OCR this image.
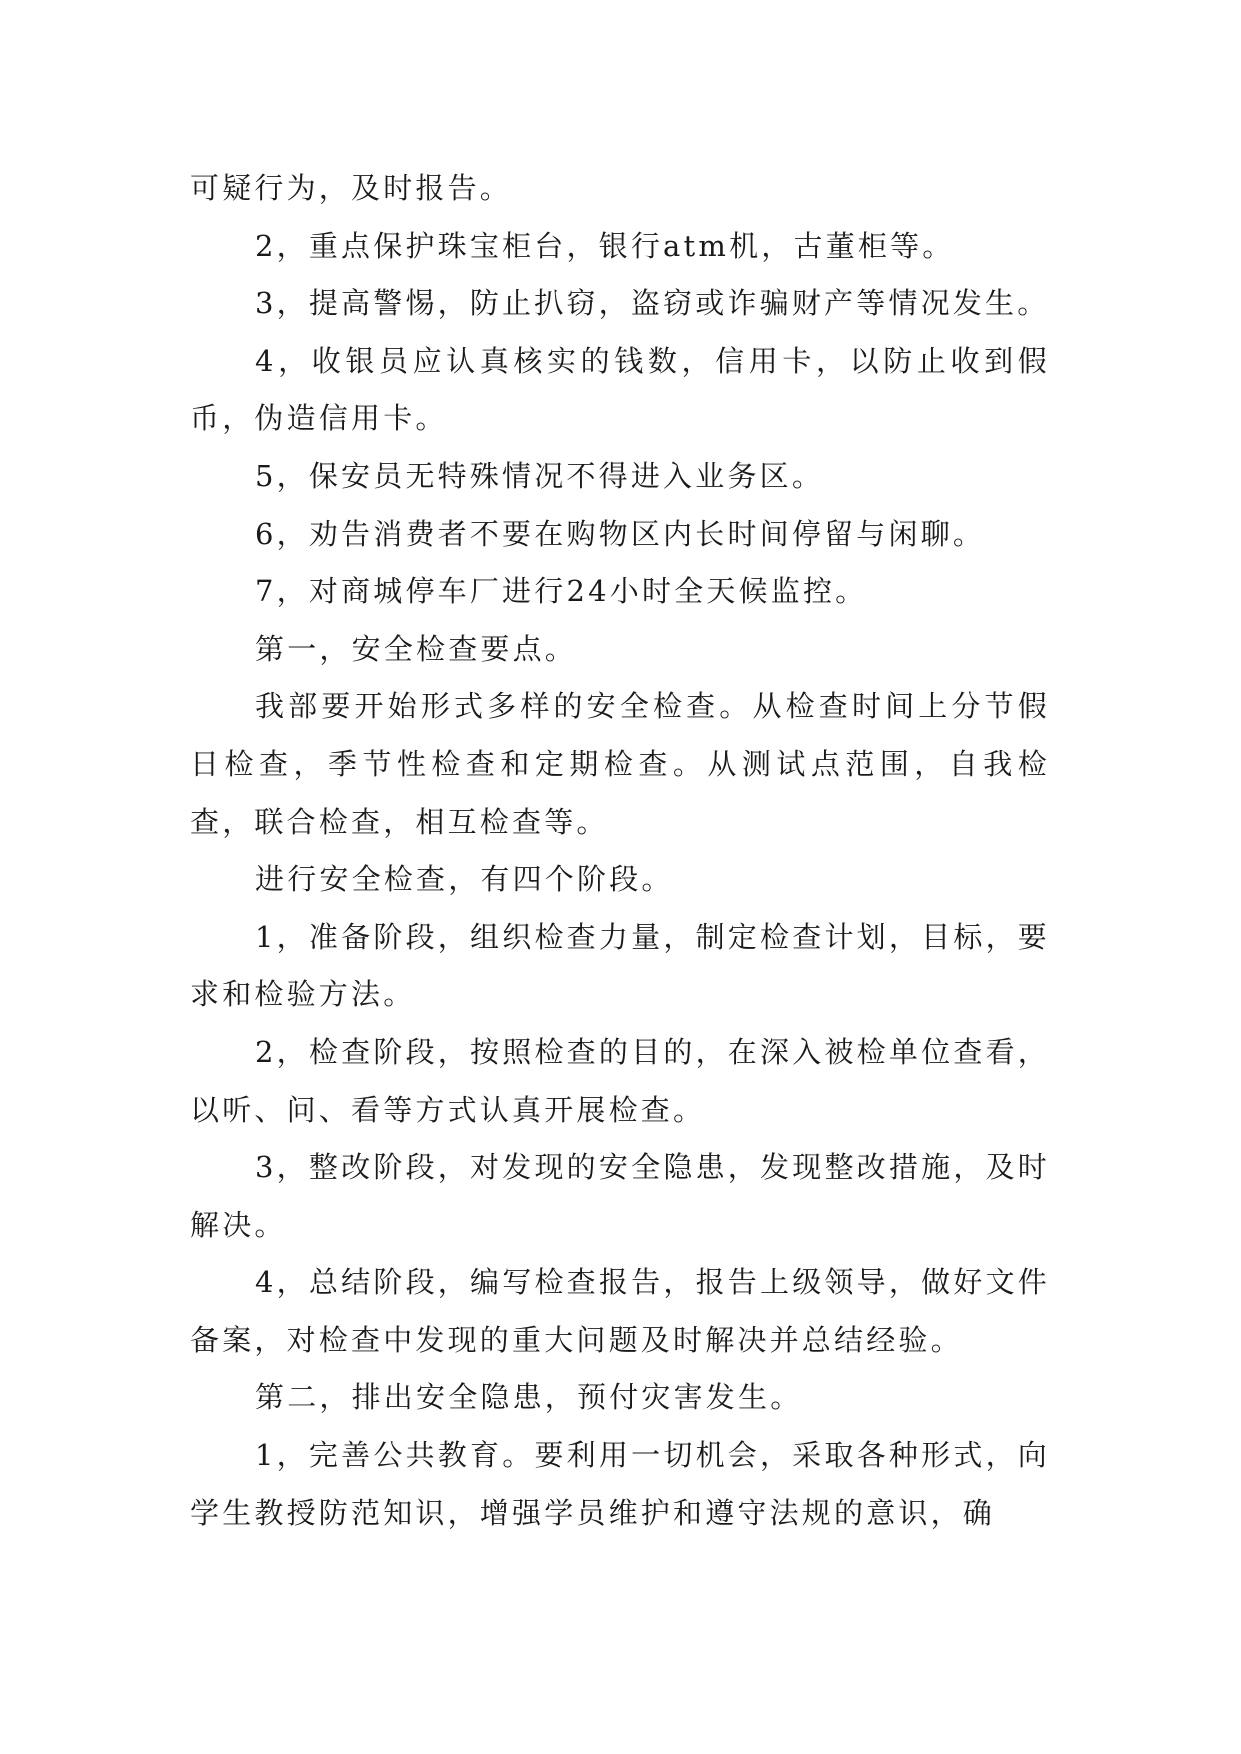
可疑行为，及时报告。

2，重点保护珠宝柜台，银行atm机，古董柜等。

3，提高警惕，防止扒窃，盗窃或诈骗财产等情况发生。

4，收银员应认真核实的钱数，信用卡，以防止收到假币，伪造信用卡。

5，保安员无特殊情况不得进入业务区。

6，劝告消费者不要在购物区内长时间停留与闲聊。

7，对商城停车厂进行24小时全天候监控。

第一，安全检查要点。

我部要开始形式多样的安全检查。从检查时间上分节假日检查，季节性检查和定期检查。从测试点范围，自我检查，联合检查，相互检查等。

进行安全检查，有四个阶段。

1，准备阶段，组织检查力量，制定检查计划，目标，要求和检验方法。

2，检查阶段，按照检查的目的，在深入被检单位查看，以听、问、看等方式认真开展检查。

3，整改阶段，对发现的安全隐患，发现整改措施，及时解决。

4，总结阶段，编写检查报告，报告上级领导，做好文件备案，对检查中发现的重大问题及时解决并总结经验。

第二，排出安全隐患，预付灾害发生。

1，完善公共教育。要利用一切机会，采取各种形式，向学生教授防范知识，增强学员维护和遵守法规的意识，确
